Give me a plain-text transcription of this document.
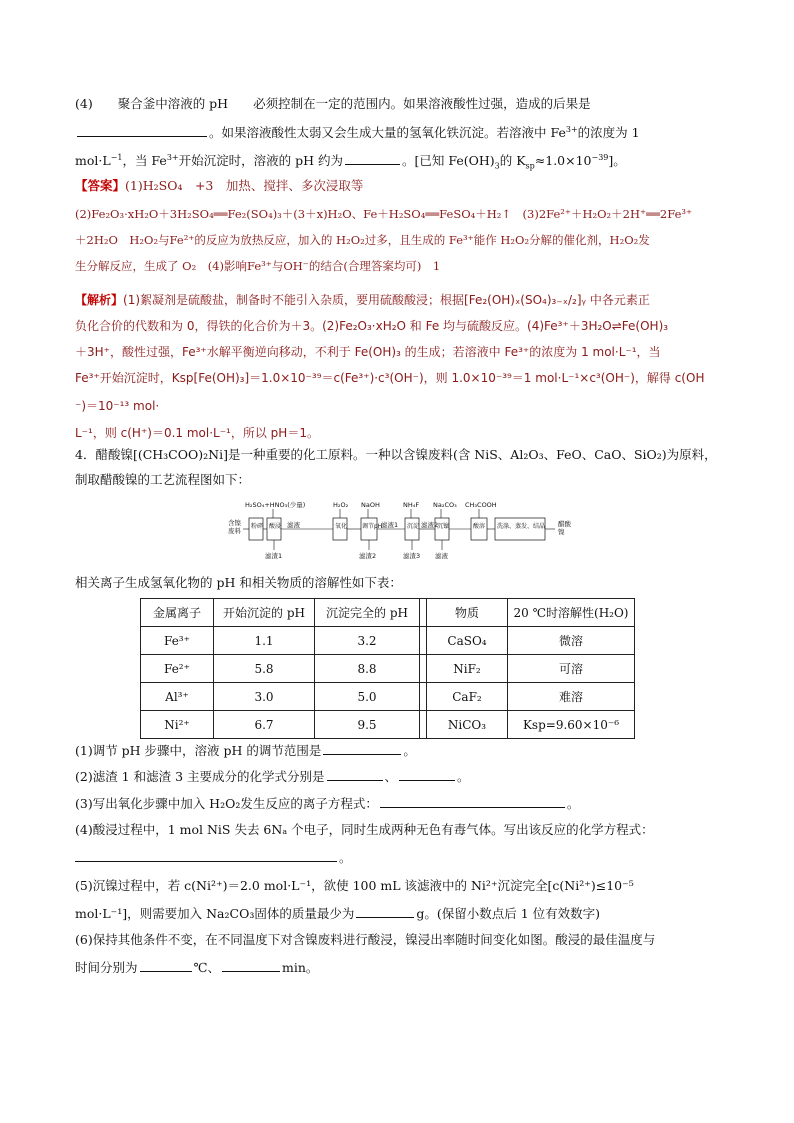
(4)　　聚合釜中溶液的 pH　　必须控制在一定的范围内。如果溶液酸性过强，造成的后果是
。如果溶液酸性太弱又会生成大量的氢氧化铁沉淀。若溶液中 $Fe^{3+}$的浓度为 1
$mol\cdot L^{-1}$，当 $Fe^{3+}$开始沉淀时，溶液的 pH 约为	。[已知 $Fe(OH)_3$的 $K_{sp}\approx 1.0\times 10^{-39}$]。
【答案】(1)H₂SO₄　+3　加热、搅拌、多次浸取等
(2)Fe₂O₃·xH₂O＋3H₂SO₄══Fe₂(SO₄)₃＋(3＋x)H₂O、Fe＋H₂SO₄══FeSO₄＋H₂↑　 (3)2Fe²⁺＋H₂O₂＋2H⁺══2Fe³⁺
＋2H₂O　H₂O₂与Fe²⁺的反应为放热反应，加入的 H₂O₂过多，且生成的 Fe³⁺能作 H₂O₂分解的催化剂，H₂O₂发
生分解反应，生成了 O₂　(4)影响Fe³⁺与OH⁻的结合(合理答案均可)　1
【解析】(1)絮凝剂是硫酸盐，制备时不能引入杂质，要用硫酸酸浸；根据[Fe₂(OH)ₓ(SO₄)₃₋ₓ/₂]ᵧ 中各元素正
负化合价的代数和为 0，得铁的化合价为＋3。(2)Fe₂O₃·xH₂O 和 Fe 均与硫酸反应。(4)Fe³⁺＋3H₂O⇌Fe(OH)₃
＋3H⁺，酸性过强，Fe³⁺水解平衡逆向移动，不利于 Fe(OH)₃ 的生成；若溶液中 Fe³⁺的浓度为 1 mol·L⁻¹，当
Fe³⁺开始沉淀时，Ksp[Fe(OH)₃]＝1.0×10⁻³⁹＝c(Fe³⁺)·c³(OH⁻)，则 1.0×10⁻³⁹＝1 mol·L⁻¹×c³(OH⁻)，解得 c(OH
⁻)＝10⁻¹³ mol·
L⁻¹，则 c(H⁺)＝0.1 mol·L⁻¹，所以 pH＝1。
4．醋酸镍[(CH₃COO)₂Ni]是一种重要的化工原料。一种以含镍废料(含 NiS、Al₂O₃、FeO、CaO、SiO₂)为原料，
制取醋酸镍的工艺流程图如下：
H₂SO₄+HNO₃(少量)	H₂O₂ NaOH	NH₄F Na₂CO₃ CH₃COOH
含镍
废料
粉碎 酸浸	氧化 调节pH	沉淀	沉镍	酸溶 洗涤、蒸发、结晶
滤液	滤液1	滤液2
滤渣1	滤渣2	滤渣3 滤液
醋酸
镍
相关离子生成氢氧化物的 pH 和相关物质的溶解性如下表：
金属离子	开始沉淀的 pH	沉淀完全的 pH		物质	20 ℃时溶解性(H₂O)
Fe³⁺	1.1	3.2		CaSO₄	微溶
Fe²⁺	5.8	8.8		NiF₂	可溶
Al³⁺	3.0	5.0		CaF₂	难溶
Ni²⁺	6.7	9.5		NiCO₃	Ksp=9.60×10⁻⁶
(1)调节 pH 步骤中，溶液 pH 的调节范围是	。
(2)滤渣 1 和滤渣 3 主要成分的化学式分别是	、	。
(3)写出氧化步骤中加入 H₂O₂发生反应的离子方程式：	。
(4)酸浸过程中，1 mol NiS 失去 6Nₐ 个电子，同时生成两种无色有毒气体。写出该反应的化学方程式：
。
(5)沉镍过程中，若 c(Ni²⁺)＝2.0 mol·L⁻¹，欲使 100 mL 该滤液中的 Ni²⁺沉淀完全[c(Ni²⁺)≤10⁻⁵
mol·L⁻¹]，则需要加入 Na₂CO₃固体的质量最少为	g。(保留小数点后 1 位有效数字)
(6)保持其他条件不变，在不同温度下对含镍废料进行酸浸，镍浸出率随时间变化如图。酸浸的最佳温度与
时间分别为	℃、	min。
